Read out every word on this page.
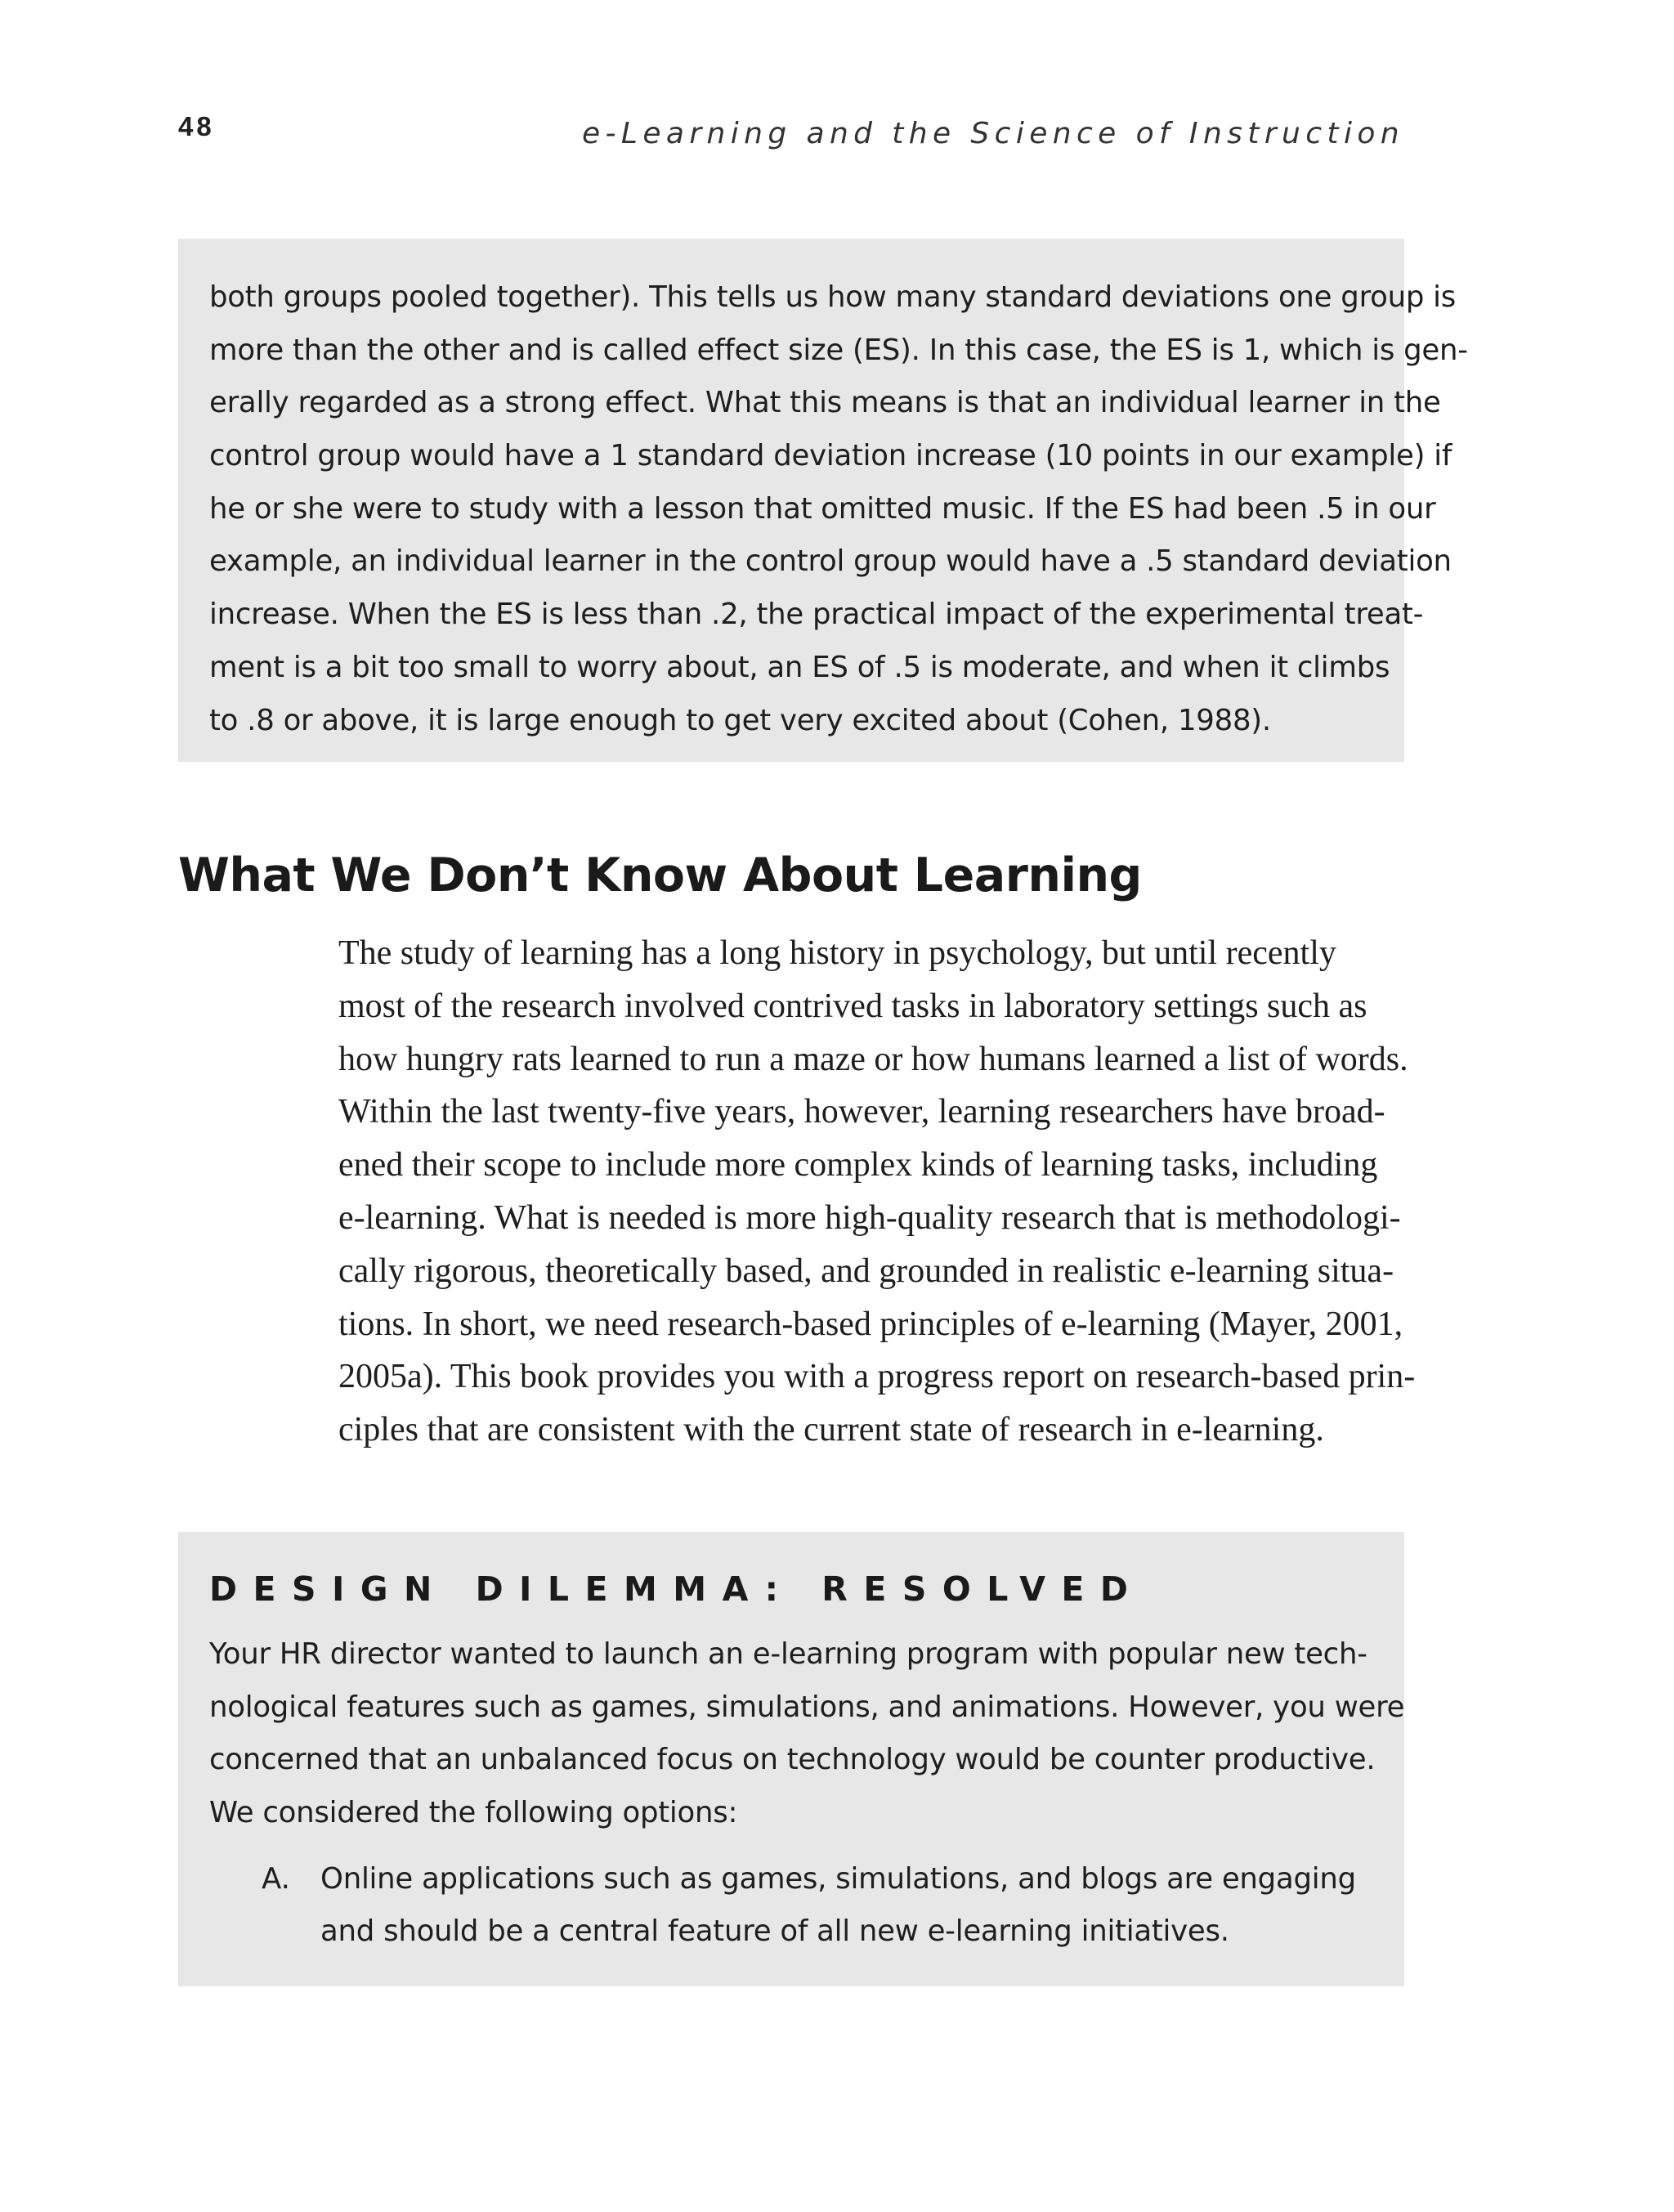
48	e-Learning and the Science of Instruction
both groups pooled together). This tells us how many standard deviations one group is
more than the other and is called effect size (ES). In this case, the ES is 1, which is gen-
erally regarded as a strong effect. What this means is that an individual learner in the
control group would have a 1 standard deviation increase (10 points in our example) if
he or she were to study with a lesson that omitted music. If the ES had been .5 in our
example, an individual learner in the control group would have a .5 standard deviation
increase. When the ES is less than .2, the practical impact of the experimental treat-
ment is a bit too small to worry about, an ES of .5 is moderate, and when it climbs
to .8 or above, it is large enough to get very excited about (Cohen, 1988).
What We Don’t Know About Learning
The study of learning has a long history in psychology, but until recently
most of the research involved contrived tasks in laboratory settings such as
how hungry rats learned to run a maze or how humans learned a list of words.
Within the last twenty-five years, however, learning researchers have broad-
ened their scope to include more complex kinds of learning tasks, including
e-learning. What is needed is more high-quality research that is methodologi-
cally rigorous, theoretically based, and grounded in realistic e-learning situa-
tions. In short, we need research-based principles of e-learning (Mayer, 2001,
2005a). This book provides you with a progress report on research-based prin-
ciples that are consistent with the current state of research in e-learning.
DESIGN DILEMMA: RESOLVED
Your HR director wanted to launch an e-learning program with popular new tech-
nological features such as games, simulations, and animations. However, you were
concerned that an unbalanced focus on technology would be counter productive.
We considered the following options:
A. Online applications such as games, simulations, and blogs are engaging
and should be a central feature of all new e-learning initiatives.
